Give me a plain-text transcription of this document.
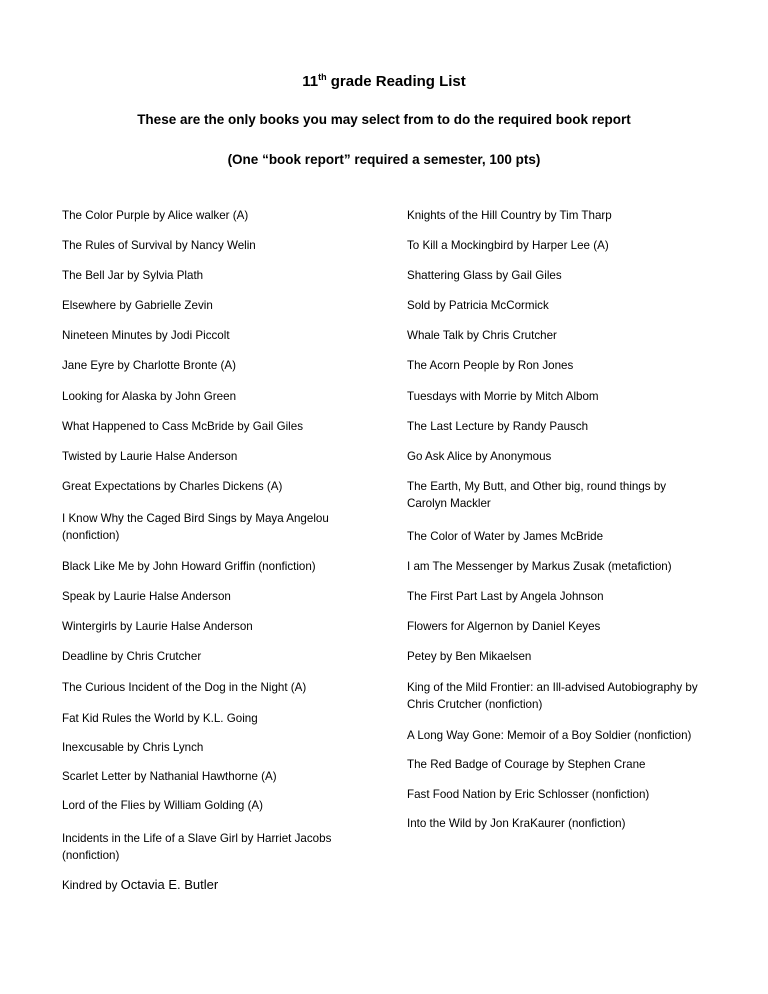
11th grade Reading List

These are the only books you may select from to do the required book report

(One “book report” required a semester, 100 pts)

The Color Purple by Alice walker (A)

The Rules of Survival by Nancy Welin

The Bell Jar by Sylvia Plath

Elsewhere by Gabrielle Zevin

Nineteen Minutes by Jodi Piccolt

Jane Eyre by Charlotte Bronte (A)

Looking for Alaska by John Green

What Happened to Cass McBride by Gail Giles

Twisted by Laurie Halse Anderson

Great Expectations by Charles Dickens (A)

I Know Why the Caged Bird Sings by Maya Angelou (nonfiction)

Black Like Me by John Howard Griffin (nonfiction)

Speak by Laurie Halse Anderson

Wintergirls by Laurie Halse Anderson

Deadline by Chris Crutcher

The Curious Incident of the Dog in the Night (A)

Fat Kid Rules the World by K.L. Going

Inexcusable by Chris Lynch

Scarlet Letter by Nathanial Hawthorne (A)

Lord of the Flies by William Golding (A)

Incidents in the Life of a Slave Girl by Harriet Jacobs (nonfiction)

Kindred by Octavia E. Butler

Knights of the Hill Country by Tim Tharp

To Kill a Mockingbird by Harper Lee (A)

Shattering Glass by Gail Giles

Sold by Patricia McCormick

Whale Talk by Chris Crutcher

The Acorn People by Ron Jones

Tuesdays with Morrie by Mitch Albom

The Last Lecture by Randy Pausch

Go Ask Alice by Anonymous

The Earth, My Butt, and Other big, round things by Carolyn Mackler

The Color of Water by James McBride

I am The Messenger by Markus Zusak (metafiction)

The First Part Last by Angela Johnson

Flowers for Algernon by Daniel Keyes

Petey by Ben Mikaelsen

King of the Mild Frontier: an Ill-advised Autobiography by Chris Crutcher (nonfiction)

A Long Way Gone: Memoir of a Boy Soldier (nonfiction)

The Red Badge of Courage by Stephen Crane

Fast Food Nation by Eric Schlosser (nonfiction)

Into the Wild by Jon KraKaurer (nonfiction)
